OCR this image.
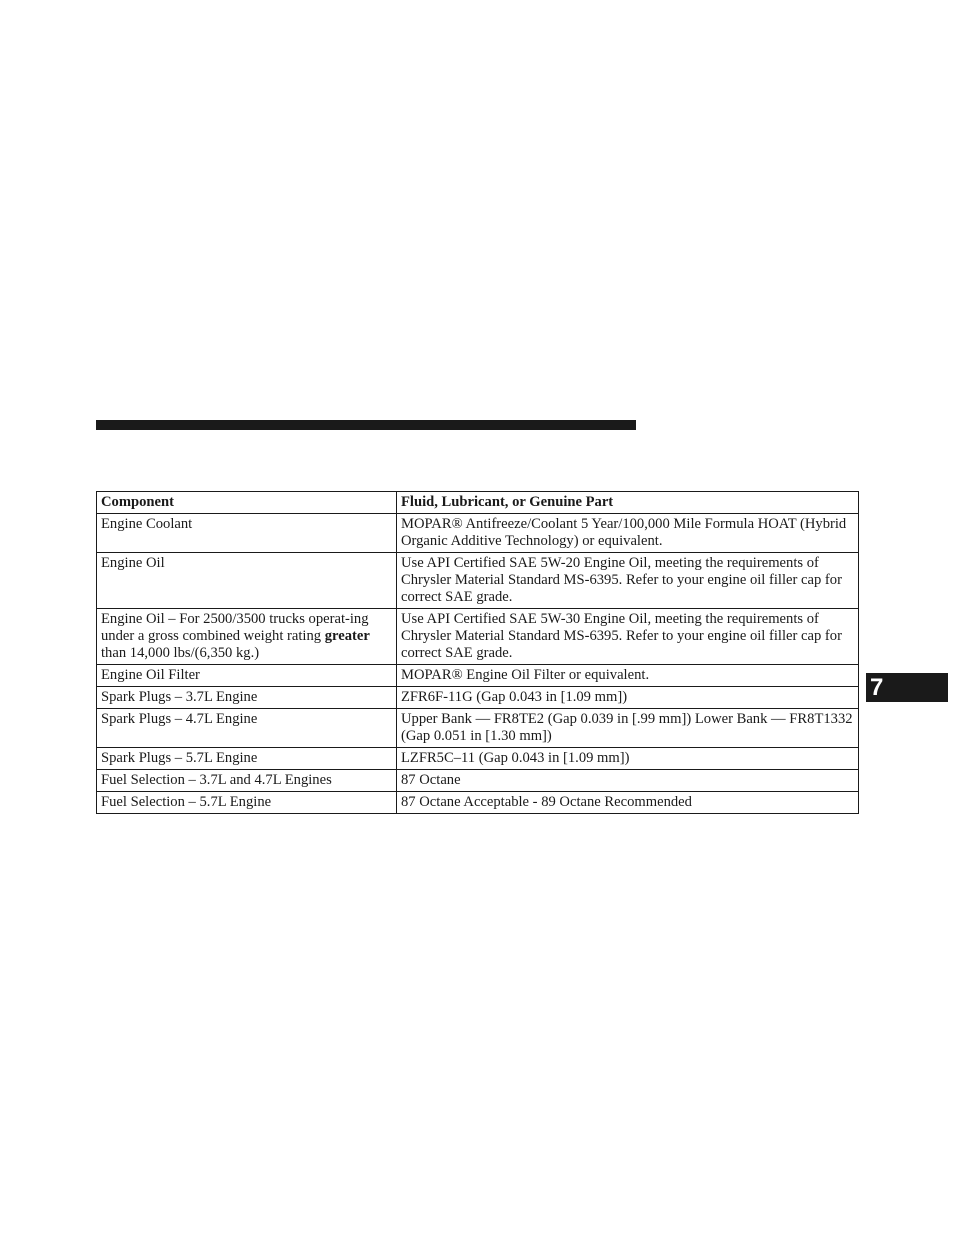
Component	Fluid, Lubricant, or Genuine Part
Engine Coolant	MOPAR® Antifreeze/Coolant 5 Year/100,000 Mile Formula HOAT (Hybrid Organic Additive Technology) or equivalent.
Engine Oil	Use API Certified SAE 5W-20 Engine Oil, meeting the requirements of Chrysler Material Standard MS-6395. Refer to your engine oil filler cap for correct SAE grade.
Engine Oil – For 2500/3500 trucks operat-ing under a gross combined weight rating greater than 14,000 lbs/(6,350 kg.)	Use API Certified SAE 5W-30 Engine Oil, meeting the requirements of Chrysler Material Standard MS-6395. Refer to your engine oil filler cap for correct SAE grade.
Engine Oil Filter	MOPAR® Engine Oil Filter or equivalent.
Spark Plugs – 3.7L Engine	ZFR6F-11G (Gap 0.043 in [1.09 mm])
Spark Plugs – 4.7L Engine	Upper Bank — FR8TE2 (Gap 0.039 in [.99 mm]) Lower Bank — FR8T1332 (Gap 0.051 in [1.30 mm])
Spark Plugs – 5.7L Engine	LZFR5C–11 (Gap 0.043 in [1.09 mm])
Fuel Selection – 3.7L and 4.7L Engines	87 Octane
Fuel Selection – 5.7L Engine	87 Octane Acceptable - 89 Octane Recommended
7
